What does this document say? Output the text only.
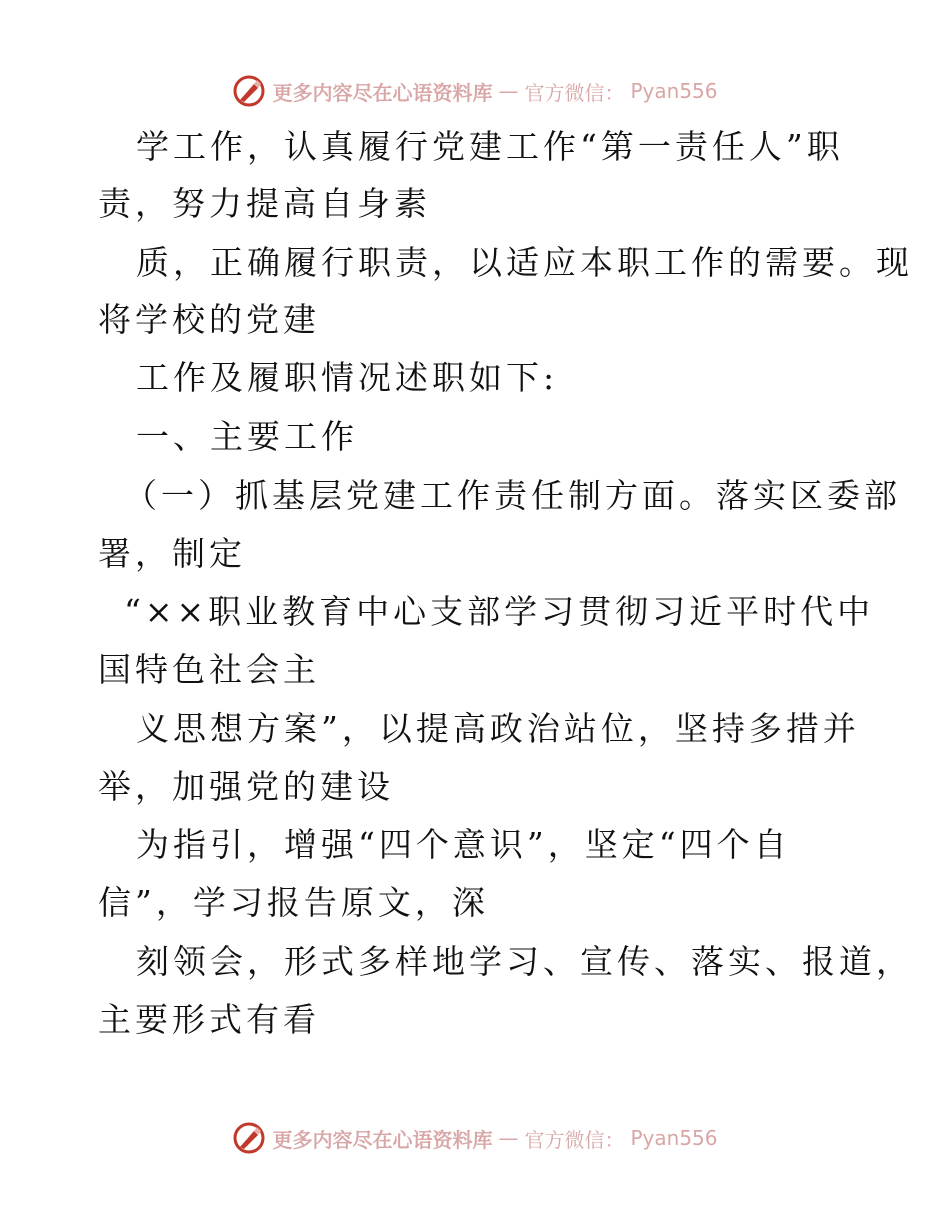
更多内容尽在心语资料库 — 官方微信： Pyan556
学工作，认真履行党建工作“第一责任人”职
责，努力提高自身素
质，正确履行职责，以适应本职工作的需要。现
将学校的党建
工作及履职情况述职如下:
一、主要工作
（一）抓基层党建工作责任制方面。落实区委部
署，制定
“××职业教育中心支部学习贯彻习近平时代中
国特色社会主
义思想方案”，以提高政治站位，坚持多措并
举，加强党的建设
为指引，增强“四个意识”，坚定“四个自
信”，学习报告原文，深
刻领会，形式多样地学习、宣传、落实、报道，
主要形式有看
更多内容尽在心语资料库 — 官方微信： Pyan556
